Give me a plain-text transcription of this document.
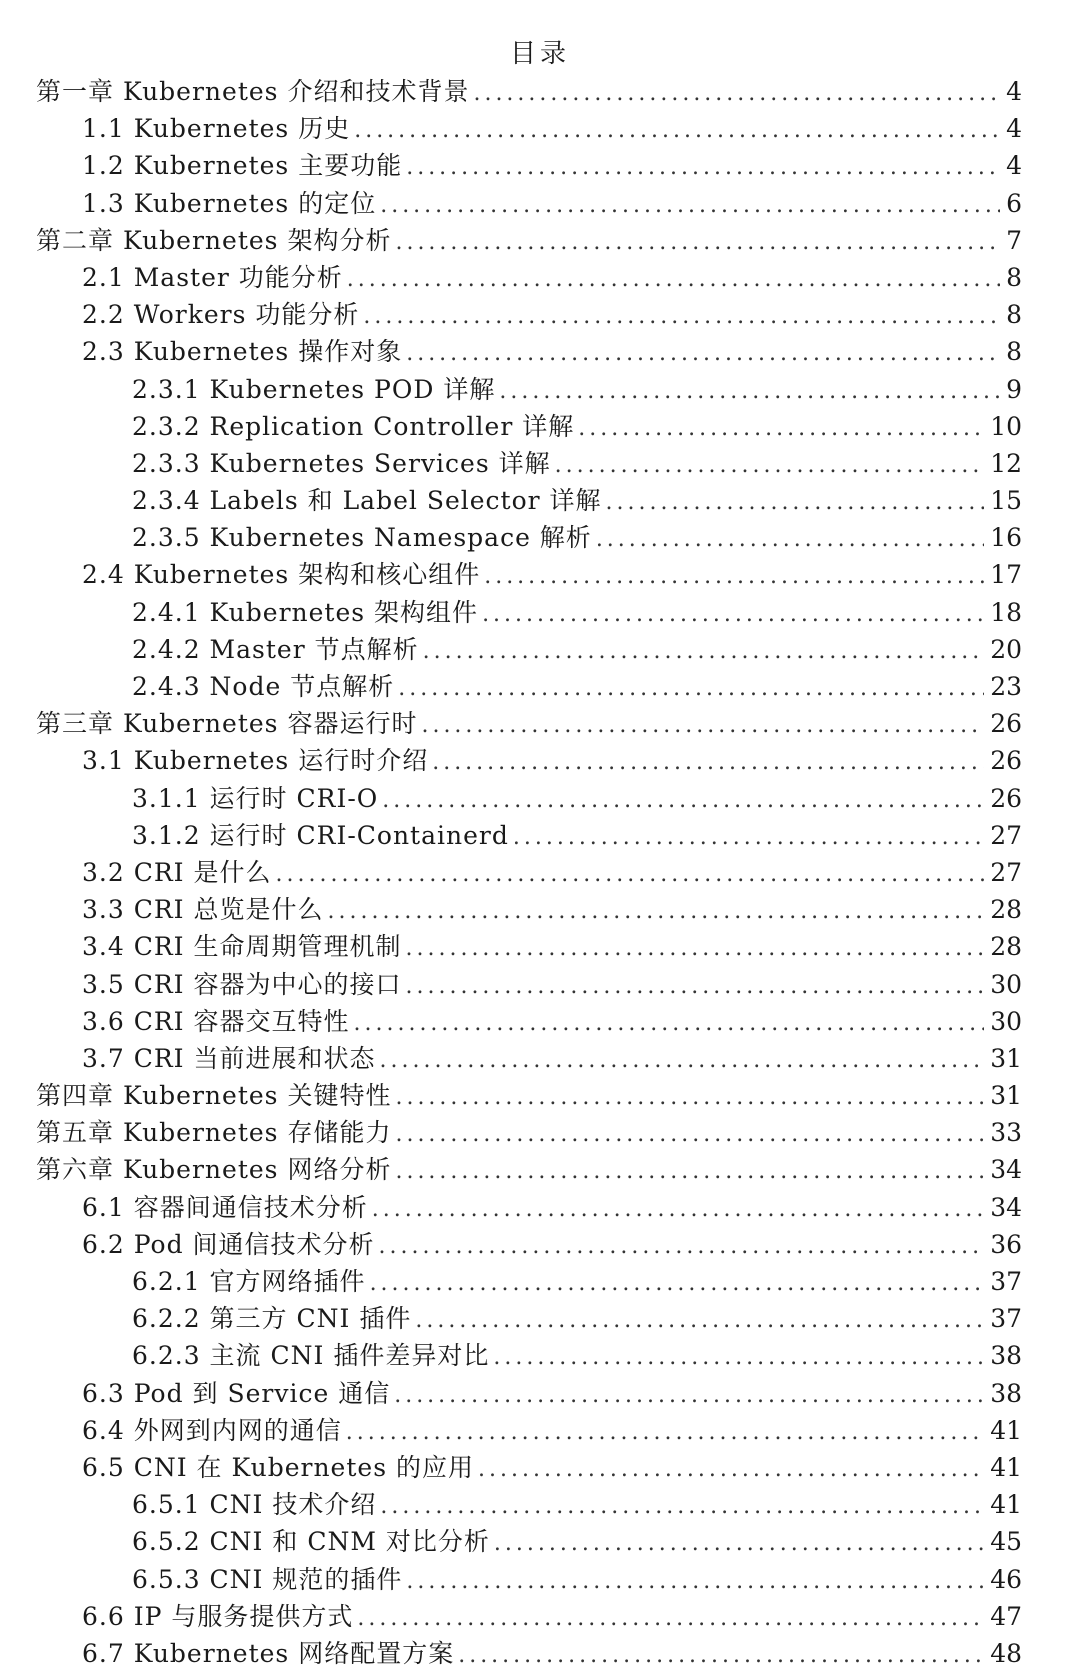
目录
第一章 Kubernetes 介绍和技术背景 .....	4
1.1 Kubernetes 历史 .....	4
1.2 Kubernetes 主要功能 .....	4
1.3 Kubernetes 的定位 .....	6
第二章 Kubernetes 架构分析 .....	7
2.1 Master 功能分析 .....	8
2.2 Workers 功能分析 .....	8
2.3 Kubernetes 操作对象 .....	8
2.3.1 Kubernetes POD 详解 .....	9
2.3.2 Replication Controller 详解 .....	10
2.3.3 Kubernetes Services 详解 .....	12
2.3.4 Labels 和 Label Selector 详解 .....	15
2.3.5 Kubernetes Namespace 解析 .....	16
2.4 Kubernetes 架构和核心组件 .....	17
2.4.1 Kubernetes 架构组件 .....	18
2.4.2 Master 节点解析 .....	20
2.4.3 Node 节点解析 .....	23
第三章 Kubernetes 容器运行时 .....	26
3.1 Kubernetes 运行时介绍 .....	26
3.1.1 运行时 CRI-O .....	26
3.1.2 运行时 CRI-Containerd .....	27
3.2 CRI 是什么 .....	27
3.3 CRI 总览是什么 .....	28
3.4 CRI 生命周期管理机制 .....	28
3.5 CRI 容器为中心的接口 .....	30
3.6 CRI 容器交互特性 .....	30
3.7 CRI 当前进展和状态 .....	31
第四章 Kubernetes 关键特性 .....	31
第五章 Kubernetes 存储能力 .....	33
第六章 Kubernetes 网络分析 .....	34
6.1 容器间通信技术分析 .....	34
6.2 Pod 间通信技术分析 .....	36
6.2.1 官方网络插件 .....	37
6.2.2 第三方 CNI 插件 .....	37
6.2.3 主流 CNI 插件差异对比 .....	38
6.3 Pod 到 Service 通信 .....	38
6.4 外网到内网的通信 .....	41
6.5 CNI 在 Kubernetes 的应用 .....	41
6.5.1 CNI 技术介绍 .....	41
6.5.2 CNI 和 CNM 对比分析 .....	45
6.5.3 CNI 规范的插件 .....	46
6.6 IP 与服务提供方式 .....	47
6.7 Kubernetes 网络配置方案 .....	48
